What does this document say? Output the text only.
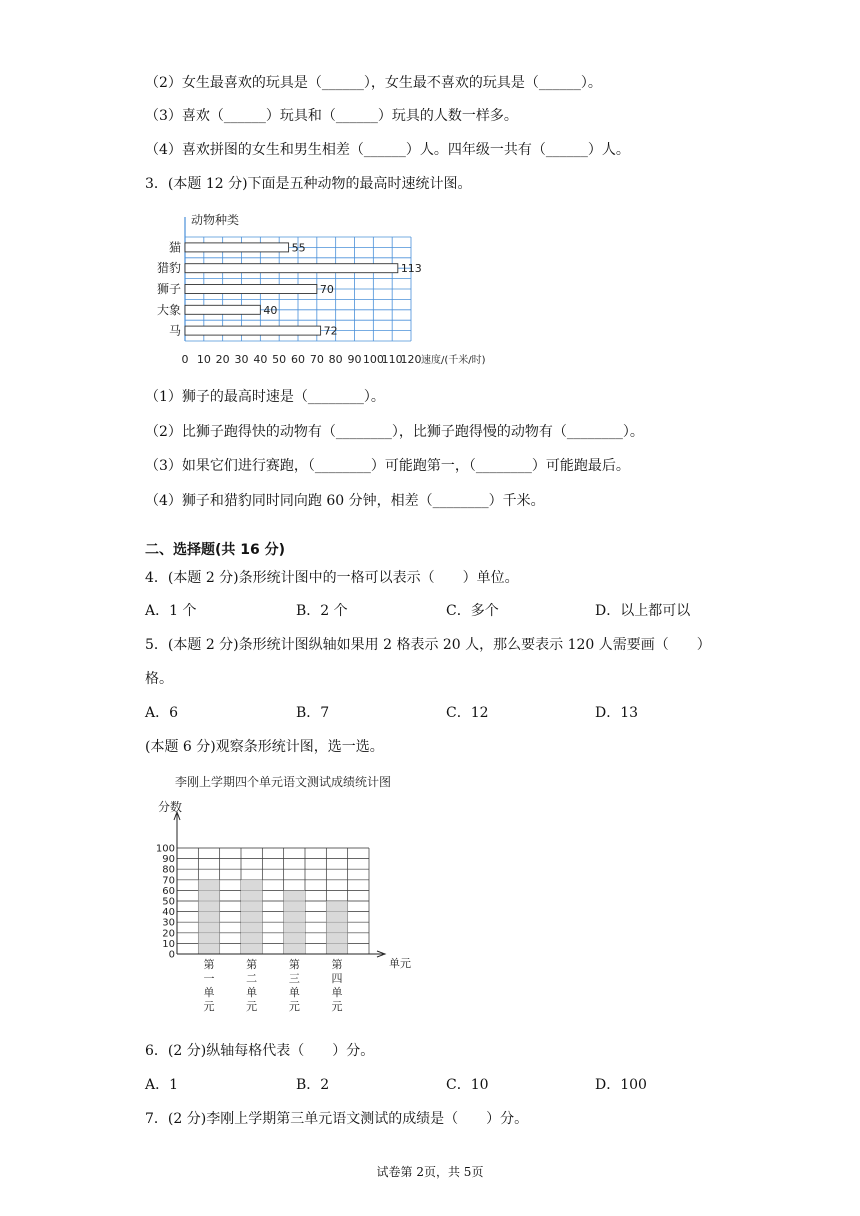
（2）女生最喜欢的玩具是（______），女生最不喜欢的玩具是（______）。
（3）喜欢（______）玩具和（______）玩具的人数一样多。
（4）喜欢拼图的女生和男生相差（______）人。四年级一共有（______）人。
3．(本题 12 分)下面是五种动物的最高时速统计图。
动物种类
猫	55
猎豹	113
狮子	70
大象	40
马	72
0 10 20 30 40 50 60 70 80 90 100
110
120 速度/(千米/时)
（1）狮子的最高时速是（________）。
（2）比狮子跑得快的动物有（________），比狮子跑得慢的动物有（________）。
（3）如果它们进行赛跑，（________）可能跑第一，（________）可能跑最后。
（4）狮子和猎豹同时同向跑 60 分钟，相差（________）千米。
二、选择题(共 16 分)
4．(本题 2 分)条形统计图中的一格可以表示（　　）单位。
A．1 个	B．2 个	C．多个	D．以上都可以
5．(本题 2 分)条形统计图纵轴如果用 2 格表示 20 人，那么要表示 120 人需要画（　　）
格。
A．6	B．7	C．12	D．13
(本题 6 分)观察条形统计图，选一选。
李刚上学期四个单元语文测试成绩统计图
分数
0
10
20
30
40
50
60
70
80
90
100
第一单元
第二单元
第三单元
第四单元
单元
6．(2 分)纵轴每格代表（　　）分。
A．1	B．2	C．10	D．100
7．(2 分)李刚上学期第三单元语文测试的成绩是（　　）分。
试卷第 2页，共 5页
